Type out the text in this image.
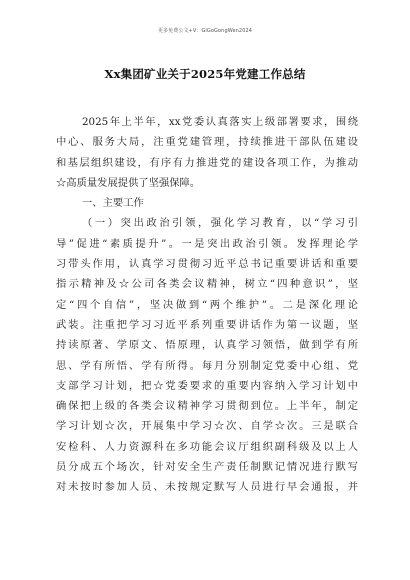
更多免费公文+V：GiGoGongWen2024
Xx集团矿业关于2025年党建工作总结
2025年上半年，xx党委认真落实上级部署要求，围绕
中心、服务大局，注重党建管理，持续推进干部队伍建设
和基层组织建设，有序有力推进党的建设各项工作，为推动
☆高质量发展提供了坚强保障。
一、主要工作
（一）突出政治引领，强化学习教育，以“学习引
导”促进“素质提升”。一是突出政治引领。发挥理论学
习带头作用，认真学习贯彻习近平总书记重要讲话和重要
指示精神及☆公司各类会议精神，树立“四种意识”，坚
定“四个自信”，坚决做到“两个维护”。二是深化理论
武装。注重把学习习近平系列重要讲话作为第一议题，坚
持读原著、学原文、悟原理，认真学习领悟，做到学有所
思、学有所悟、学有所得。每月分别制定党委中心组、党
支部学习计划，把☆党委要求的重要内容纳入学习计划中
确保把上级的各类会议精神学习贯彻到位。上半年，制定
学习计划☆次，开展集中学习☆次、自学☆次。三是联合
安检科、人力资源科在多功能会议厅组织副科级及以上人
员分成五个场次，针对安全生产责任制默记情况进行默写
对未按时参加人员、未按规定默写人员进行早会通报，并
